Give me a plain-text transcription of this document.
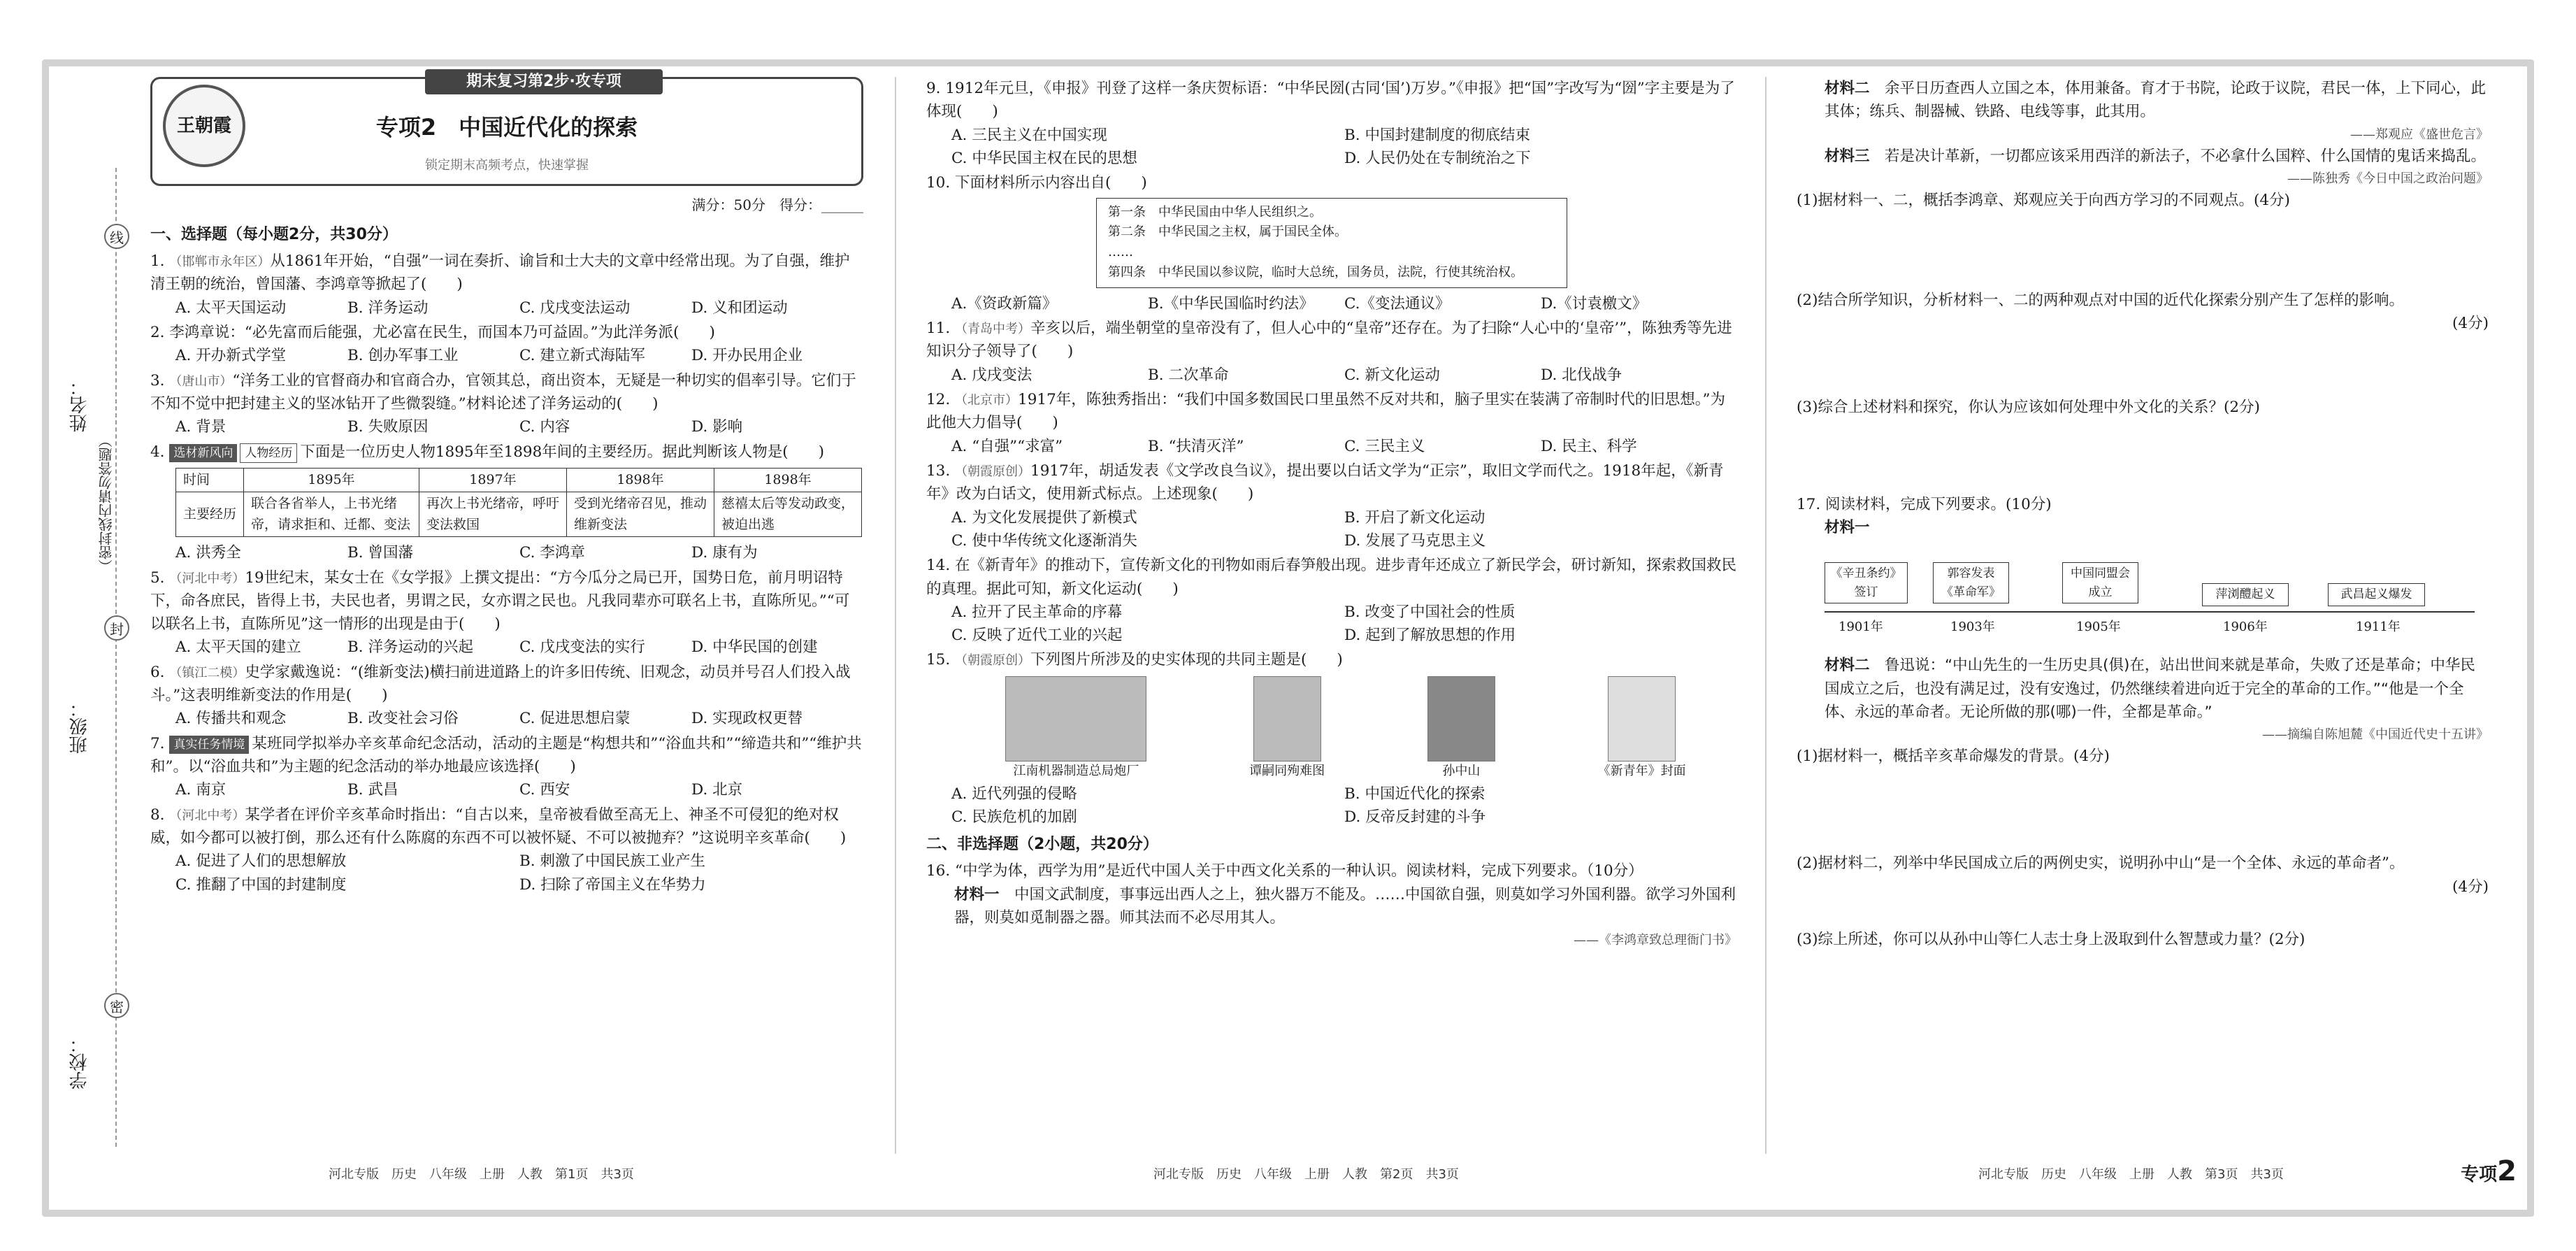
线
封
密
姓名：
（密封线内请勿答题）
班级：
学校：
期末复习第2步·攻专项
王朝霞	专项2　中国近代化的探索
锁定期末高频考点，快速掌握

满分：50分　得分：______

一、选择题（每小题2分，共30分）

1. （邯郸市永年区）从1861年开始，“自强”一词在奏折、谕旨和士大夫的文章中经常出现。为了自强，维护清王朝的统治，曾国藩、李鸿章等掀起了(　　)

A. 太平天国运动	B. 洋务运动	C. 戊戌变法运动	D. 义和团运动

2. 李鸿章说：“必先富而后能强，尤必富在民生，而国本乃可益固。”为此洋务派(　　)

A. 开办新式学堂	B. 创办军事工业	C. 建立新式海陆军	D. 开办民用企业

3. （唐山市）“洋务工业的官督商办和官商合办，官领其总，商出资本，无疑是一种切实的倡率引导。它们于不知不觉中把封建主义的坚冰钻开了些微裂缝。”材料论述了洋务运动的(　　)

A. 背景	B. 失败原因	C. 内容	D. 影响

4. 选材新风向 人物经历 下面是一位历史人物1895年至1898年间的主要经历。据此判断该人物是(　　)

时间	1895年	1897年	1898年	1898年
主要经历	联合各省举人，上书光绪帝，请求拒和、迁都、变法	再次上书光绪帝，呼吁变法救国	受到光绪帝召见，推动维新变法	慈禧太后等发动政变，被迫出逃
A. 洪秀全	B. 曾国藩	C. 李鸿章	D. 康有为

5. （河北中考）19世纪末，某女士在《女学报》上撰文提出：“方今瓜分之局已开，国势日危，前月明诏特下，命各庶民，皆得上书，夫民也者，男谓之民，女亦谓之民也。凡我同辈亦可联名上书，直陈所见。”“可以联名上书，直陈所见”这一情形的出现是由于(　　)

A. 太平天国的建立	B. 洋务运动的兴起	C. 戊戌变法的实行	D. 中华民国的创建

6. （镇江二模）史学家戴逸说：“(维新变法)横扫前进道路上的许多旧传统、旧观念，动员并号召人们投入战斗。”这表明维新变法的作用是(　　)

A. 传播共和观念	B. 改变社会习俗	C. 促进思想启蒙	D. 实现政权更替

7. 真实任务情境 某班同学拟举办辛亥革命纪念活动，活动的主题是“构想共和”“浴血共和”“缔造共和”“维护共和”。以“浴血共和”为主题的纪念活动的举办地最应该选择(　　)

A. 南京	B. 武昌	C. 西安	D. 北京

8. （河北中考）某学者在评价辛亥革命时指出：“自古以来，皇帝被看做至高无上、神圣不可侵犯的绝对权威，如今都可以被打倒，那么还有什么陈腐的东西不可以被怀疑、不可以被抛弃？”这说明辛亥革命(　　)

A. 促进了人们的思想解放	B. 刺激了中国民族工业产生
C. 推翻了中国的封建制度	D. 扫除了帝国主义在华势力

9. 1912年元旦，《申报》刊登了这样一条庆贺标语：“中华民圀(古同‘国’)万岁。”《申报》把“国”字改写为“圀”字主要是为了体现(　　)

A. 三民主义在中国实现	B. 中国封建制度的彻底结束
C. 中华民国主权在民的思想	D. 人民仍处在专制统治之下

10. 下面材料所示内容出自(　　)

第一条　中华民国由中华人民组织之。
第二条　中华民国之主权，属于国民全体。
……
第四条　中华民国以参议院，临时大总统，国务员，法院，行使其统治权。
A.《资政新篇》	B.《中华民国临时约法》	C.《变法通议》	D.《讨袁檄文》

11. （青岛中考）辛亥以后，端坐朝堂的皇帝没有了，但人心中的“皇帝”还存在。为了扫除“人心中的‘皇帝’”，陈独秀等先进知识分子领导了(　　)

A. 戊戌变法	B. 二次革命	C. 新文化运动	D. 北伐战争

12. （北京市）1917年，陈独秀指出：“我们中国多数国民口里虽然不反对共和，脑子里实在装满了帝制时代的旧思想。”为此他大力倡导(　　)

A. “自强”“求富”	B. “扶清灭洋”	C. 三民主义	D. 民主、科学

13. （朝霞原创）1917年，胡适发表《文学改良刍议》，提出要以白话文学为“正宗”，取旧文学而代之。1918年起，《新青年》改为白话文，使用新式标点。上述现象(　　)

A. 为文化发展提供了新模式	B. 开启了新文化运动
C. 使中华传统文化逐渐消失	D. 发展了马克思主义

14. 在《新青年》的推动下，宣传新文化的刊物如雨后春笋般出现。进步青年还成立了新民学会，研讨新知，探索救国救民的真理。据此可知，新文化运动(　　)

A. 拉开了民主革命的序幕	B. 改变了中国社会的性质
C. 反映了近代工业的兴起	D. 起到了解放思想的作用

15. （朝霞原创）下列图片所涉及的史实体现的共同主题是(　　)

江南机器制造总局炮厂	谭嗣同殉难图	孙中山	《新青年》封面
A. 近代列强的侵略	B. 中国近代化的探索
C. 民族危机的加剧	D. 反帝反封建的斗争
二、非选择题（2小题，共20分）

16. “中学为体，西学为用”是近代中国人关于中西文化关系的一种认识。阅读材料，完成下列要求。（10分）

材料一　中国文武制度，事事远出西人之上，独火器万不能及。……中国欲自强，则莫如学习外国利器。欲学习外国利器，则莫如觅制器之器。师其法而不必尽用其人。

——《李鸿章致总理衙门书》

材料二　余平日历查西人立国之本，体用兼备。育才于书院，论政于议院，君民一体，上下同心，此其体；练兵、制器械、铁路、电线等事，此其用。

——郑观应《盛世危言》

材料三　若是决计革新，一切都应该采用西洋的新法子，不必拿什么国粹、什么国情的鬼话来捣乱。

——陈独秀《今日中国之政治问题》

(1)据材料一、二，概括李鸿章、郑观应关于向西方学习的不同观点。(4分)

(2)结合所学知识，分析材料一、二的两种观点对中国的近代化探索分别产生了怎样的影响。

(4分)

(3)综合上述材料和探究，你认为应该如何处理中外文化的关系？(2分)

17. 阅读材料，完成下列要求。(10分)

材料一

《辛丑条约》签订
郭容发表《革命军》
中国同盟会成立	萍浏醴起义	武昌起义爆发
1901年	1903年	1905年	1906年	1911年

材料二　鲁迅说：“中山先生的一生历史具(俱)在，站出世间来就是革命，失败了还是革命；中华民国成立之后，也没有满足过，没有安逸过，仍然继续着进向近于完全的革命的工作。”“他是一个全体、永远的革命者。无论所做的那(哪)一件，全都是革命。”

——摘编自陈旭麓《中国近代史十五讲》

(1)据材料一，概括辛亥革命爆发的背景。(4分)

(2)据材料二，列举中华民国成立后的两例史实，说明孙中山“是一个全体、永远的革命者”。

(4分)

(3)综上所述，你可以从孙中山等仁人志士身上汲取到什么智慧或力量？(2分)

河北专版　历史　八年级　上册　人教　第1页　共3页	河北专版　历史　八年级　上册　人教　第2页　共3页	河北专版　历史　八年级　上册　人教　第3页　共3页	专项2
